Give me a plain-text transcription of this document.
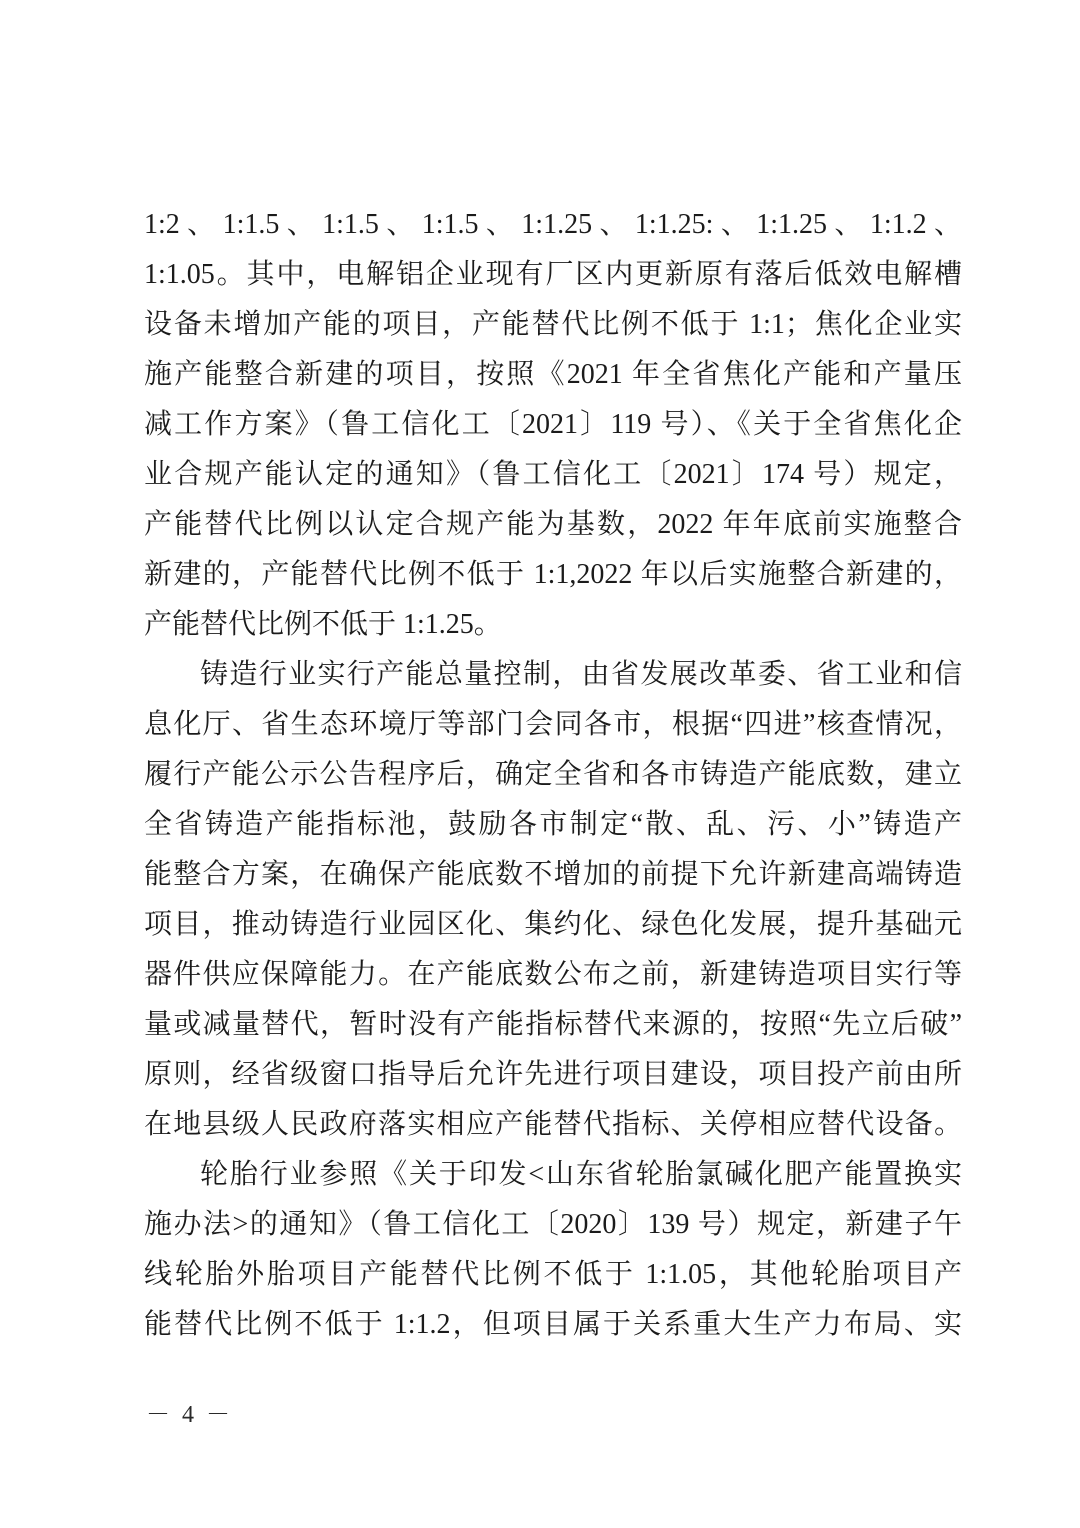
1:2、1:1.5、1:1.5、1:1.5、1:1.25、1:1.25:、1:1.25、1:1.2、
1:1.05。其中，电解铝企业现有厂区内更新原有落后低效电解槽
设备未增加产能的项目，产能替代比例不低于 1:1；焦化企业实
施产能整合新建的项目，按照《2021 年全省焦化产能和产量压
减工作方案》（鲁工信化工〔2021〕119 号）、《关于全省焦化企
业合规产能认定的通知》（鲁工信化工〔2021〕174 号）规定，
产能替代比例以认定合规产能为基数，2022 年年底前实施整合
新建的，产能替代比例不低于 1:1,2022 年以后实施整合新建的，
产能替代比例不低于 1:1.25。
铸造行业实行产能总量控制，由省发展改革委、省工业和信
息化厅、省生态环境厅等部门会同各市，根据“四进”核查情况，
履行产能公示公告程序后，确定全省和各市铸造产能底数，建立
全省铸造产能指标池，鼓励各市制定“散、乱、污、小”铸造产
能整合方案，在确保产能底数不增加的前提下允许新建高端铸造
项目，推动铸造行业园区化、集约化、绿色化发展，提升基础元
器件供应保障能力。在产能底数公布之前，新建铸造项目实行等
量或减量替代，暂时没有产能指标替代来源的，按照“先立后破”
原则，经省级窗口指导后允许先进行项目建设，项目投产前由所
在地县级人民政府落实相应产能替代指标、关停相应替代设备。
轮胎行业参照《关于印发<山东省轮胎氯碱化肥产能置换实
施办法>的通知》（鲁工信化工〔2020〕139 号）规定，新建子午
线轮胎外胎项目产能替代比例不低于 1:1.05，其他轮胎项目产
能替代比例不低于 1:1.2，但项目属于关系重大生产力布局、实
－ 4 －
